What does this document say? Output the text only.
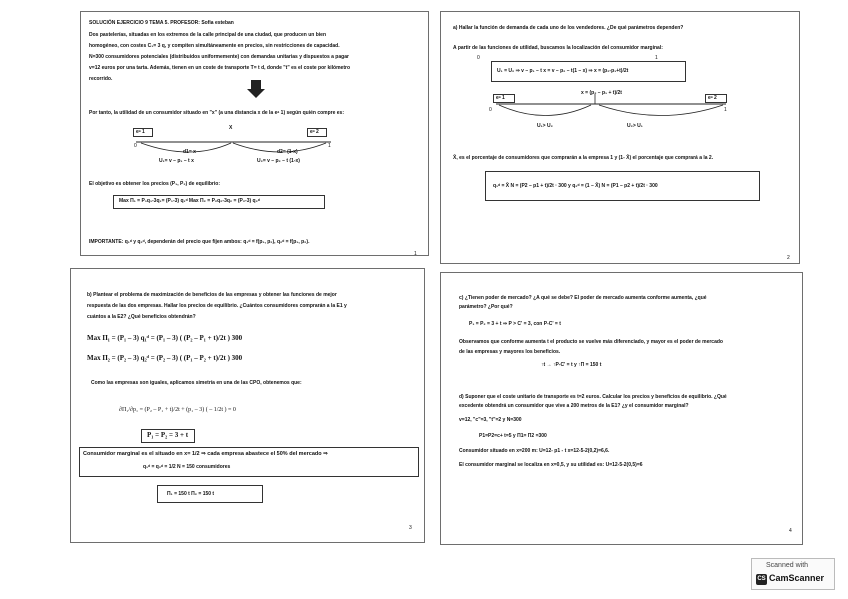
SOLUCIÓN EJERCICIO 9 TEMA 5. PROFESOR: Sofia esteban
Dos pastelerías, situadas en los extremos de la calle principal de una ciudad, que producen un bien
homogéneo, con costes C₁= 3 q, y compiten simultáneamente en precios, sin restricciones de capacidad.
N=300 consumidores potenciales (distribuidos uniformemente) con demandas unitarias y dispuestos a pagar
v=12 euros por una tarta. Además, tienen en un coste de transporte T= t d, donde "t" es el coste por kilómetro
recorrido.
Por tanto, la utilidad de un consumidor situado en "x" (a una distancia x de la eᵃ 1) según quién compre es:
eᵃ 1
X
eᵃ 2
0	1
d1= x	d2= (1-x)
U₁= v – p₁ – t x	U₂= v – p₂ – t (1-x)
El objetivo es obtener los precios (P₁, P₂) de equilibrio:
Max Π₁ = P₁q₁-3q₁= (P₁-3) q₁ᵈ Max Π₂ = P₂q₂-3q₂ = (P₂-3) q₂ᵈ
IMPORTANTE: q₁ᵈ y q₂ᵈ, dependerán del precio que fijen ambos: q₁ᵈ = f(p₁, p₂), q₂ᵈ = f(p₁, p₂).
1
a) Hallar la función de demanda de cada uno de los vendedores. ¿De qué parámetros dependen?
A partir de las funciones de utilidad, buscamos la localización del consumidor marginal:
0	1
U₁ = U₂ ⇒ v – p₁ – t x = v – p₂ – t(1 – x) ⇒ x = (p₂-p₁+t)/2t
eᵃ 1
x = (p₂ – p₁ + t)/2t
eᵃ 2
0	1
U₁> U₂	U₂> U₁
X̄, es el porcentaje de consumidores que comprarán a la empresa 1 y (1- X̄) el porcentaje que comprará a la 2.
q₁ᵈ = X̄ N = (P2 – p1 + t)/2t · 300 y q₂ᵈ = (1 – X̄) N = (P1 – p2 + t)/2t · 300
2
b) Plantear el problema de maximización de beneficios de las empresas y obtener las funciones de mejor
respuesta de las dos empresas. Hallar los precios de equilibrio. ¿Cuántos consumidores comprarán a la E1 y
cuántos a la E2? ¿Qué beneficios obtendrán?
Max Π₁ = (P₁ – 3) q₁ᵈ = (P₁ – 3) ( (P₂ – P₁ + t)/2t ) 300
Max Π₂ = (P₂ – 3) q₂ᵈ = (P₂ – 3) ( (P₁ – P₂ + t)/2t ) 300
Como las empresas son iguales, aplicamos simetría en una de las CPO, obtenemos que:
∂Π₁/∂p₁ = (P₂ – P₁ + t)/2t + (p₁ – 3) ( – 1/2t ) = 0
P₁ = P₂ = 3 + t
Consumidor marginal es el situado en x= 1/2 ⇒ cada empresa abastece el 50% del mercado ⇒
q₁ᵈ = q₂ᵈ = 1/2 N = 150 consumidores
Π₁ = 150 t Π₂ = 150 t
3
c) ¿Tienen poder de mercado? ¿A qué se debe? El poder de mercado aumenta conforme aumenta, ¿qué
parámetro? ¿Por qué?
P₁ = P₂ = 3 + t ⇒ P > C' = 3, con P-C' = t
Observamos que conforme aumenta t el producto se vuelve más diferenciado, y mayor es el poder de mercado
de las empresas y mayores los beneficios.
↑t → ↑P-C' = t y ↑Π = 150 t
d) Suponer que el coste unitario de transporte es t=2 euros. Calcular los precios y beneficios de equilibrio. ¿Qué
excedente obtendrá un consumidor que vive a 200 metros de la E1? ¿y el consumidor marginal?
v=12, "c"=3, "t"=2 y N=300
P1=P2=c+ t=5 y Π1= Π2 =300
Consumidor situado en x=200 m: U=12- p1 - t x=12-5-2(0,2)=6,6.
El consumidor marginal se localiza en x=0,5, y su utilidad es: U=12-5-2(0,5)=6
4
Scanned with
CS CamScanner
